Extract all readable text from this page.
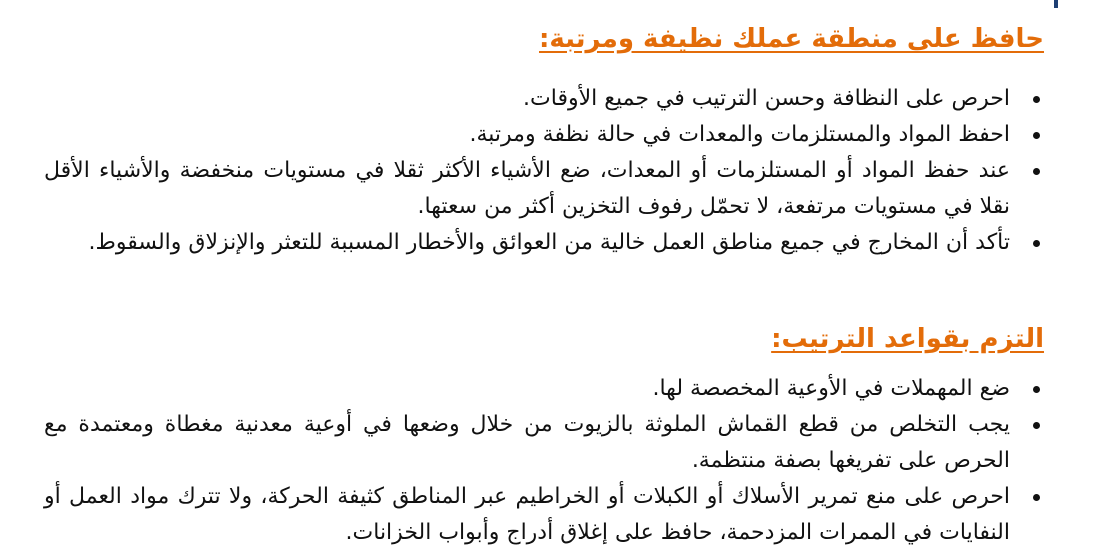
حافظ على منطقة عملك نظيفة ومرتبة:
احرص على النظافة وحسن الترتيب في جميع الأوقات.
احفظ المواد والمستلزمات والمعدات في حالة نظفة ومرتبة.
عند حفظ المواد أو المستلزمات أو المعدات، ضع الأشياء الأكثر ثقلا في مستويات منخفضة والأشياء الأقل نقلا في مستويات مرتفعة، لا تحمّل رفوف التخزين أكثر من سعتها.
تأكد أن المخارج في جميع مناطق العمل خالية من العوائق والأخطار المسببة للتعثر والإنزلاق والسقوط.
التزم بقواعد الترتيب:
ضع المهملات في الأوعية المخصصة لها.
يجب التخلص من قطع القماش الملوثة بالزيوت من خلال وضعها في أوعية معدنية مغطاة ومعتمدة مع الحرص على تفريغها بصفة منتظمة.
احرص على منع تمرير الأسلاك أو الكبلات أو الخراطيم عبر المناطق كثيفة الحركة، ولا تترك مواد العمل أو النفايات في الممرات المزدحمة، حافظ على إغلاق أدراج وأبواب الخزانات.
